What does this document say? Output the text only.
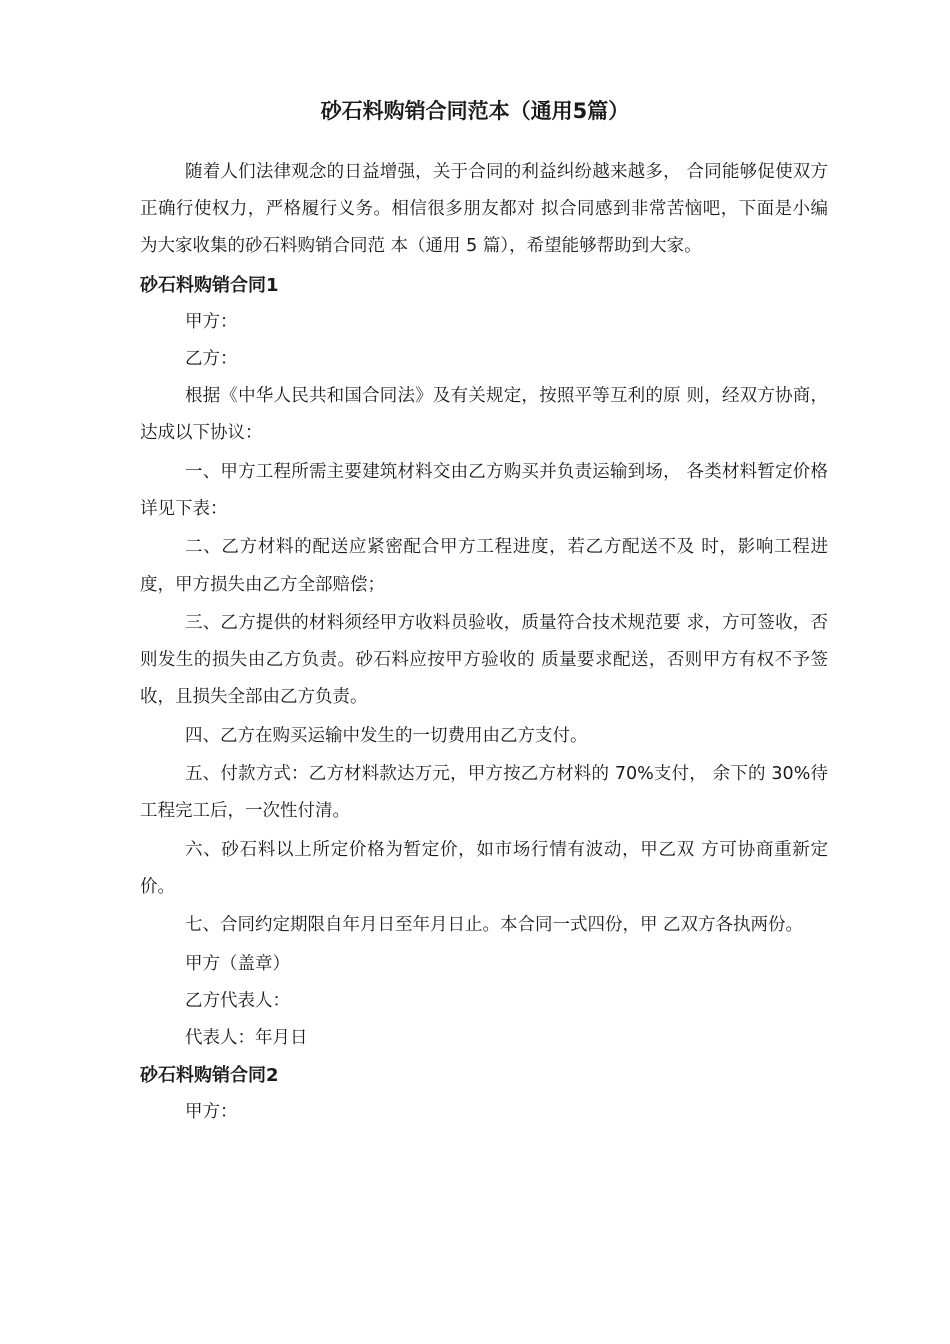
砂石料购销合同范本（通用5篇）

随着人们法律观念的日益增强，关于合同的利益纠纷越来越多， 合同能够促使双方正确行使权力，严格履行义务。相信很多朋友都对 拟合同感到非常苦恼吧，下面是小编为大家收集的砂石料购销合同范 本（通用 5 篇），希望能够帮助到大家。

砂石料购销合同1

甲方：

乙方：

根据《中华人民共和国合同法》及有关规定，按照平等互利的原 则，经双方协商，达成以下协议：

一、甲方工程所需主要建筑材料交由乙方购买并负责运输到场， 各类材料暂定价格详见下表：

二、乙方材料的配送应紧密配合甲方工程进度，若乙方配送不及 时，影响工程进度，甲方损失由乙方全部赔偿；

三、乙方提供的材料须经甲方收料员验收，质量符合技术规范要 求，方可签收，否则发生的损失由乙方负责。砂石料应按甲方验收的 质量要求配送，否则甲方有权不予签收，且损失全部由乙方负责。

四、乙方在购买运输中发生的一切费用由乙方支付。

五、付款方式：乙方材料款达万元，甲方按乙方材料的 70%支付， 余下的 30%待工程完工后，一次性付清。

六、砂石料以上所定价格为暂定价，如市场行情有波动，甲乙双 方可协商重新定价。

七、合同约定期限自年月日至年月日止。本合同一式四份，甲 乙双方各执两份。

甲方（盖章）

乙方代表人：

代表人：年月日

砂石料购销合同2

甲方：
